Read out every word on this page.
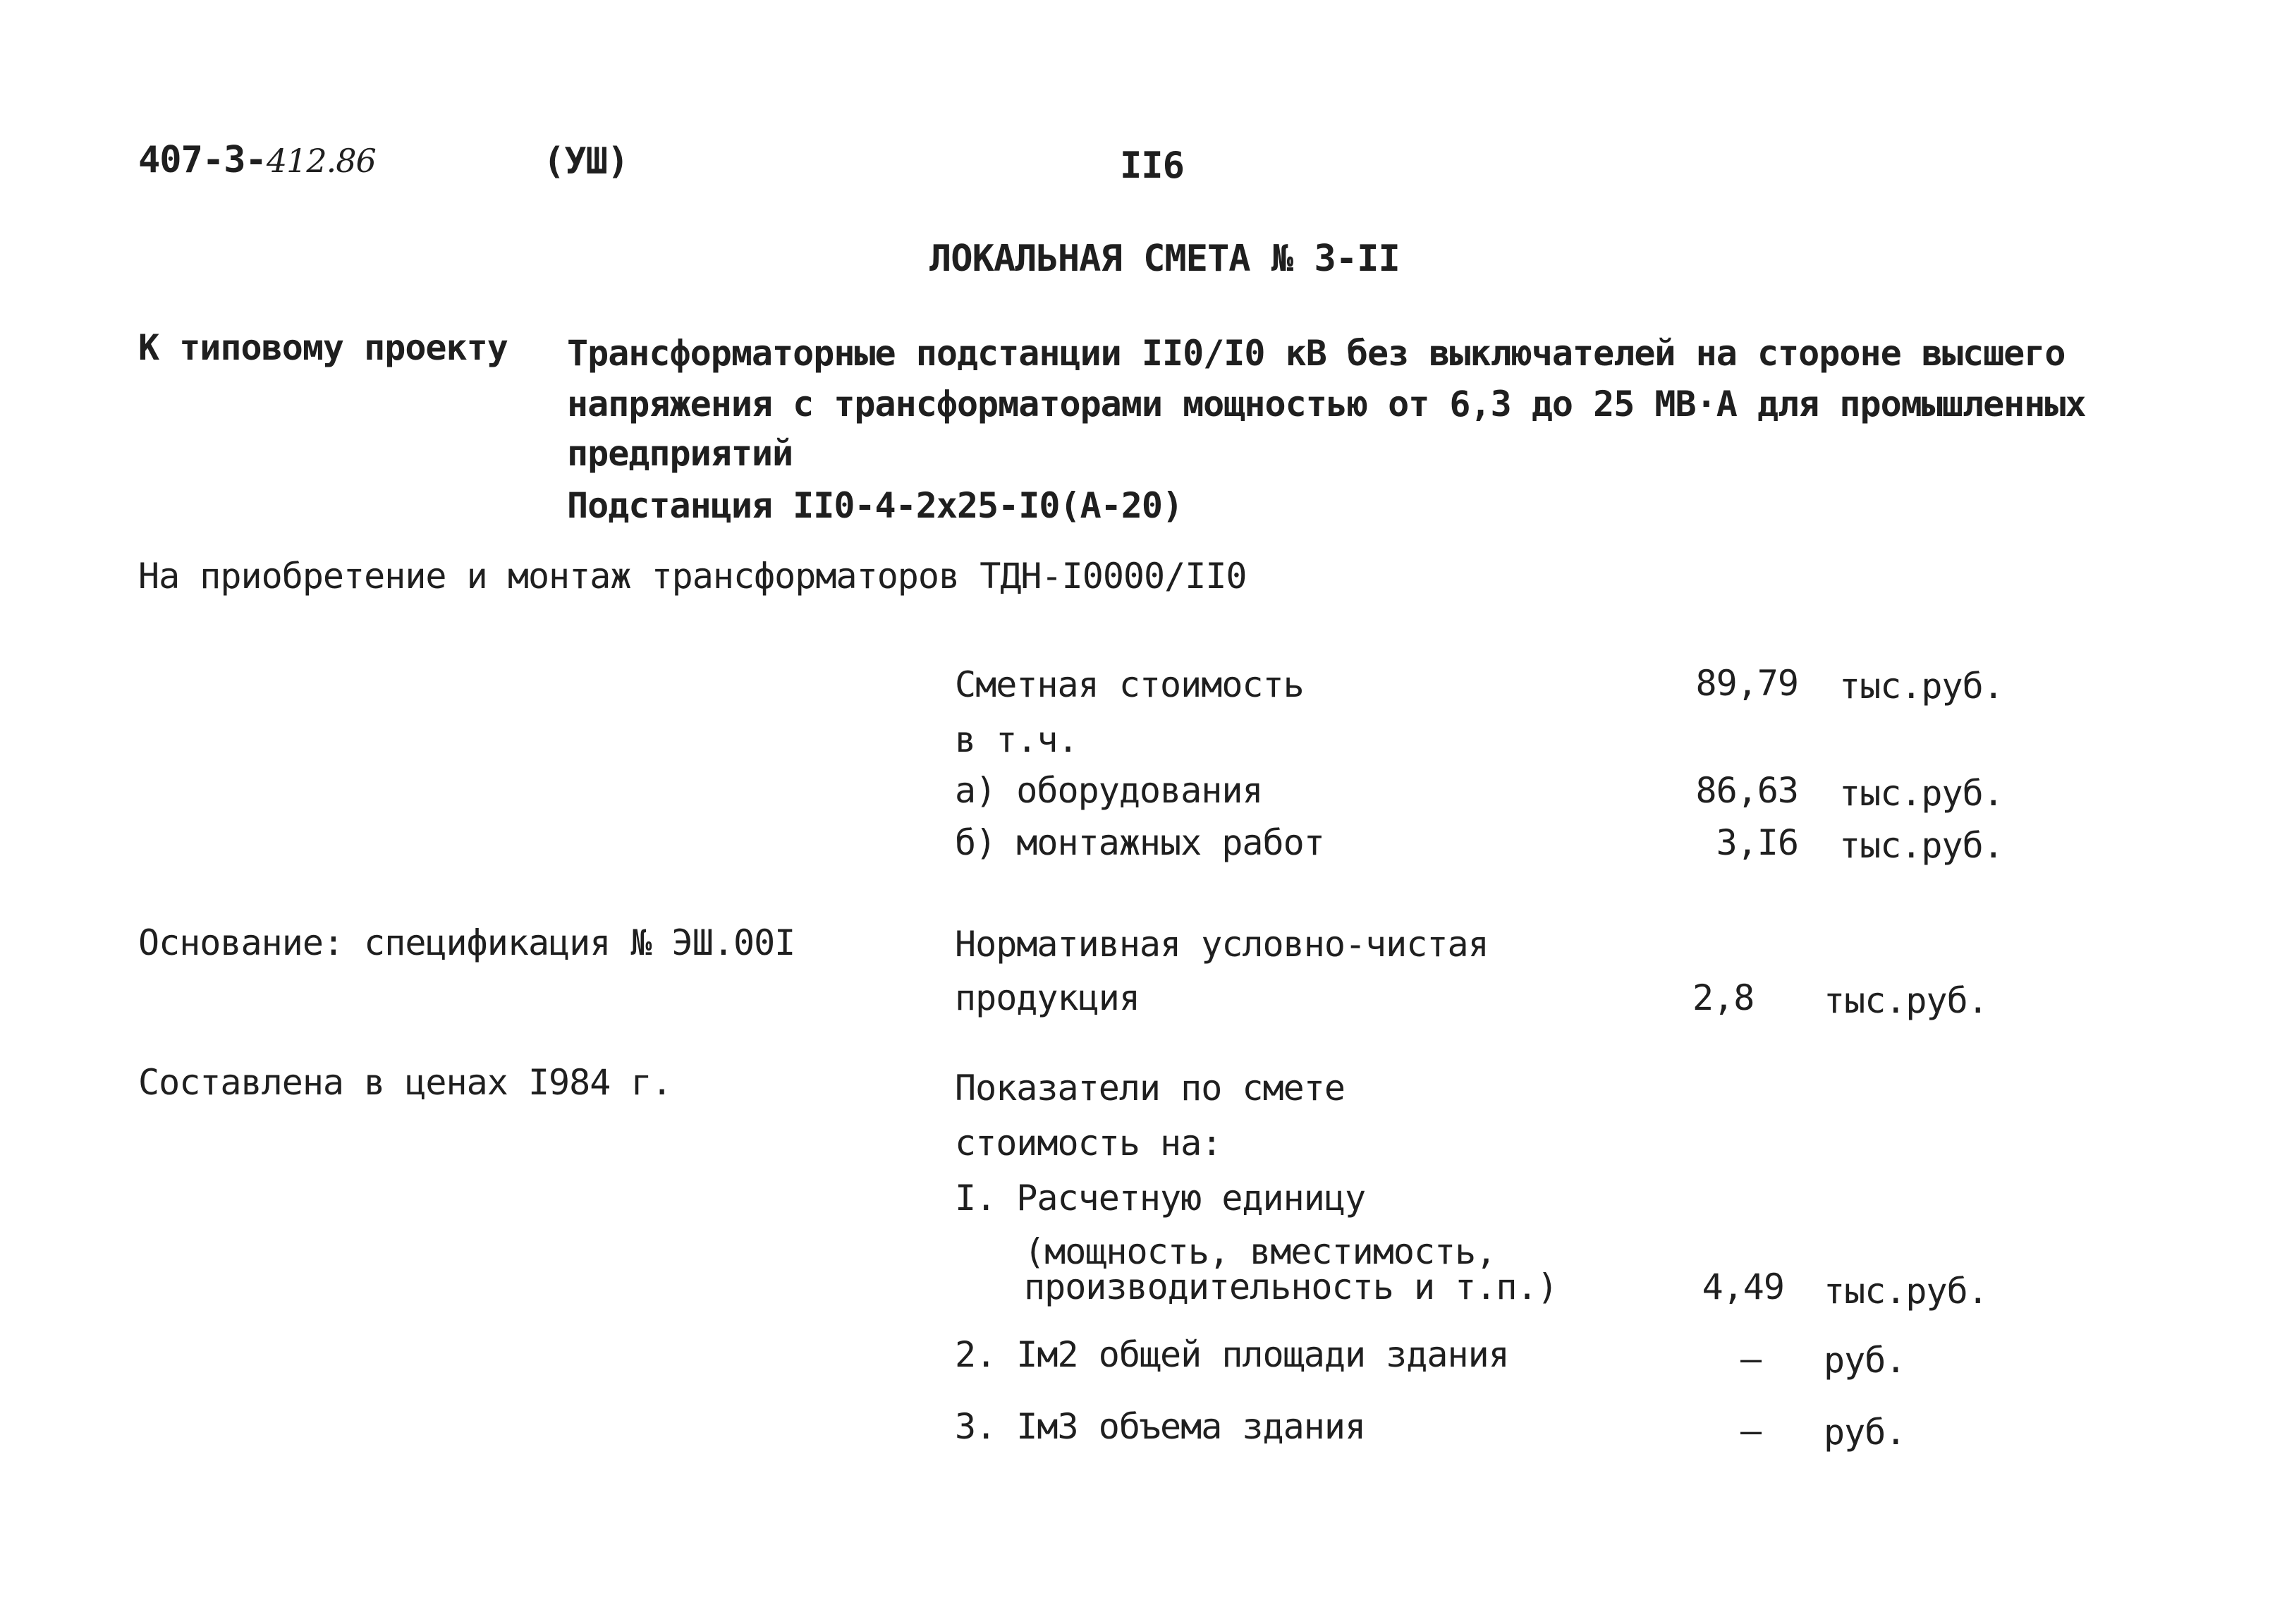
407-3-412.86	(УШ)	II6
ЛОКАЛЬНАЯ СМЕТА № 3-II
К типовому проекту Трансформаторные подстанции II0/I0 кВ без выключателей на стороне высшего
напряжения с трансформаторами мощностью от 6,3 до 25 МВ·А для промышленных
предприятий
Подстанция II0-4-2х25-I0(А-20)
На приобретение и монтаж трансформаторов ТДН-I0000/II0
Сметная стоимость	89,79 тыс.руб.
в т.ч.
а) оборудования	86,63 тыс.руб.
б) монтажных работ	3,I6 тыс.руб.
Основание: спецификация № ЭШ.00I	Нормативная условно-чистая
продукция	2,8 тыс.руб.
Составлена в ценах I984 г.	Показатели по смете
стоимость на:
I. Расчетную единицу
(мощность, вместимость,
производительность и т.п.)	4,49 тыс.руб.
2. Iм2 общей площади здания	– руб.
3. Iм3 объема здания	– руб.
